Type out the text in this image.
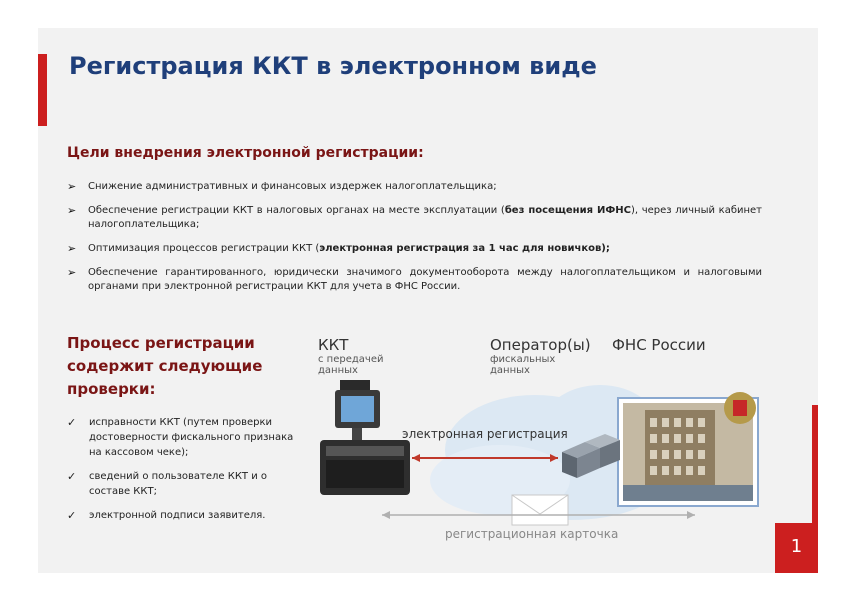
Регистрация ККТ в электронном виде
Цели внедрения электронной регистрации:
➢ Снижение административных и финансовых издержек налогоплательщика;
➢ Обеспечение регистрации ККТ в налоговых органах на месте эксплуатации (без посещения ИФНС), через личный кабинет налогоплательщика;
➢ Оптимизация процессов регистрации ККТ (электронная регистрация за 1 час для новичков);
➢ Обеспечение гарантированного, юридически значимого документооборота между налогоплательщиком и налоговыми органами при электронной регистрации ККТ для учета в ФНС России.
Процесс регистрации содержит следующие проверки:
✓ исправности ККТ (путем проверки достоверности фискального признака на кассовом чеке);
✓ сведений о пользователе ККТ и о составе ККТ;
✓ электронной подписи заявителя.
ККТ
с передачей
данных
Оператор(ы)
фискальных
данных
ФНС России
электронная регистрация
регистрационная карточка
1
